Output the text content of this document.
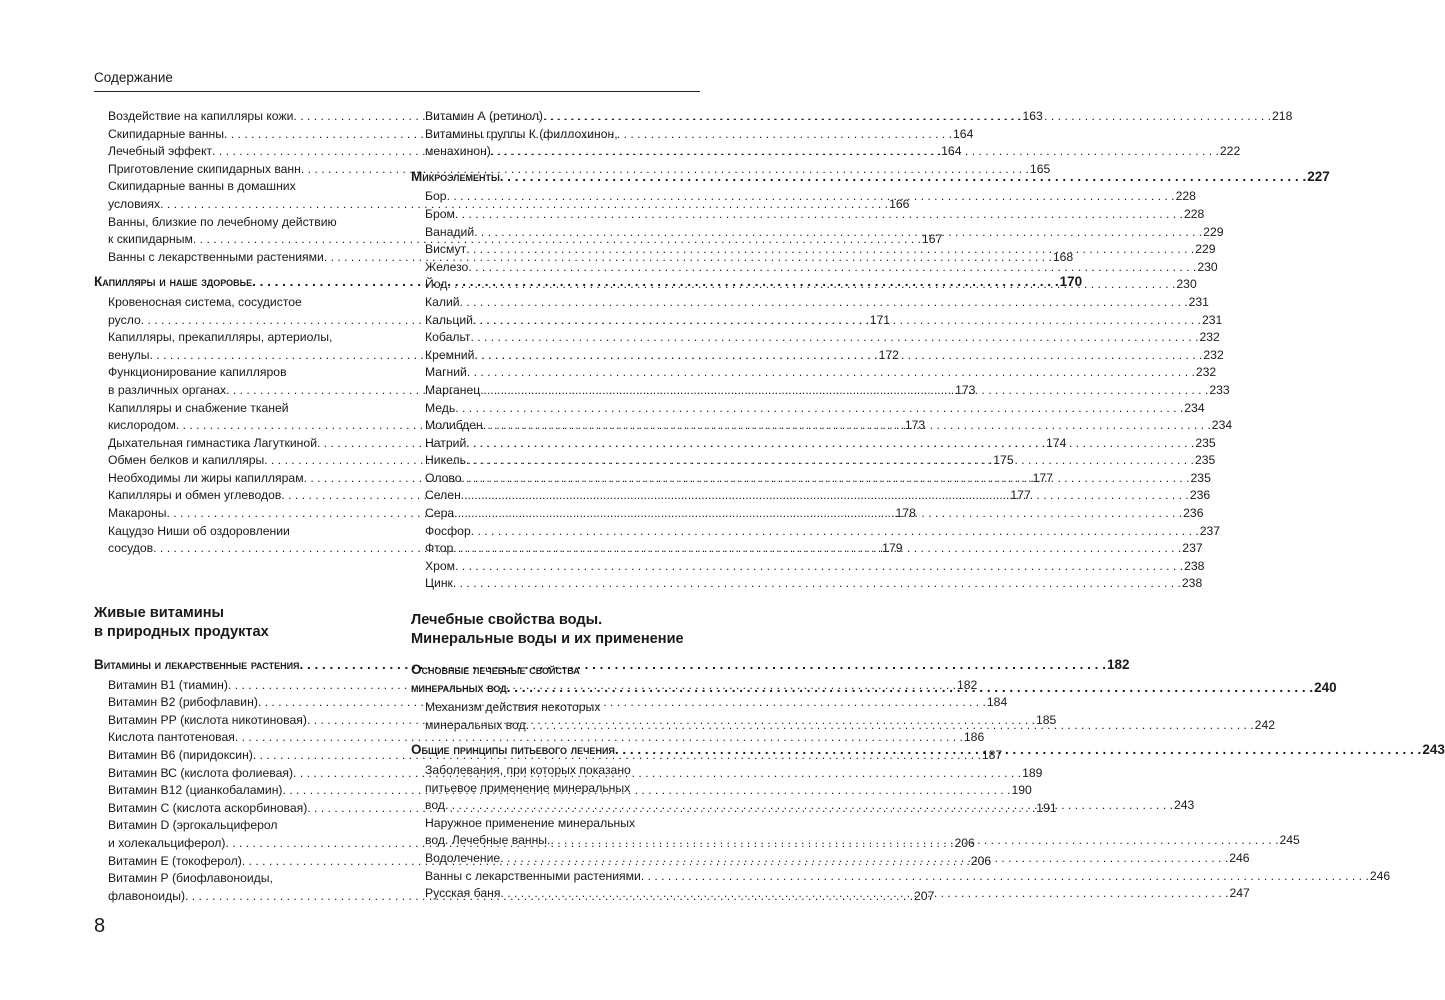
Содержание
Воздействие на капилляры кожи . . .	163
Скипидарные ванны . . .	164
Лечебный эффект . . .	164
Приготовление скипидарных ванн . . .	165
Скипидарные ванны в домашних
условиях . . .	166
Ванны, близкие по лечебному действию
к скипидарным . . .	167
Ванны с лекарственными растениями . . .	168
Капилляры и наше здоровье . . .	170
Кровеносная система, сосудистое
русло . . .	171
Капилляры, прекапилляры, артериолы,
венулы . . .	172
Функционирование капилляров
в различных органах . . .	173
Капилляры и снабжение тканей
кислородом . . .	173
Дыхательная гимнастика Лагуткиной . . .	174
Обмен белков и капилляры . . .	175
Необходимы ли жиры капиллярам . . .	177
Капилляры и обмен углеводов . . .	177
Макароны . . .	178
Кацудзо Ниши об оздоровлении
сосудов . . .	179
Витамин А (ретинол) . . .	218
Витамины группы К (филлохинон,
менахинон) . . .	222
Микроэлементы . . .	227
Бор . . .	228
Бром . . .	228
Ванадий . . .	229
Висмут . . .	229
Железо . . .	230
Йод . . .	230
Калий . . .	231
Кальций . . .	231
Кобальт . . .	232
Кремний . . .	232
Магний . . .	232
Марганец . . .	233
Медь . . .	234
Молибден . . .	234
Натрий . . .	235
Никель . . .	235
Олово . . .	235
Селен . . .	236
Сера . . .	236
Фосфор . . .	237
Фтор . . .	237
Хром . . .	238
Цинк . . .	238
Живые витамины
в природных продуктах
Лечебные свойства воды.
Минеральные воды и их применение
Витамины и лекарственные растения . . .	182
Витамин В1 (тиамин) . . .	182
Витамин В2 (рибофлавин) . . .	184
Витамин РР (кислота никотиновая) . . .	185
Кислота пантотеновая . . .	186
Витамин В6 (пиридоксин) . . .	187
Витамин ВС (кислота фолиевая) . . .	189
Витамин В12 (цианкобаламин) . . .	190
Витамин С (кислота аскорбиновая) . . .	191
Витамин D (эргокальциферол
и холекальциферол) . . .	206
Витамин Е (токоферол) . . .	206
Витамин Р (биофлавоноиды,
флавоноиды) . . .	207
Основные лечебные свойства
минеральных вод . . .	240
Механизм действия некоторых
минеральных вод . . .	242
Общие принципы питьевого лечения . . .	243
Заболевания, при которых показано
питьевое применение минеральных
вод . . .	243
Наружное применение минеральных
вод. Лечебные ванны. . . .	245
Водолечение . . .	246
Ванны с лекарственными растениями . . .	246
Русская баня . . .	247
8
